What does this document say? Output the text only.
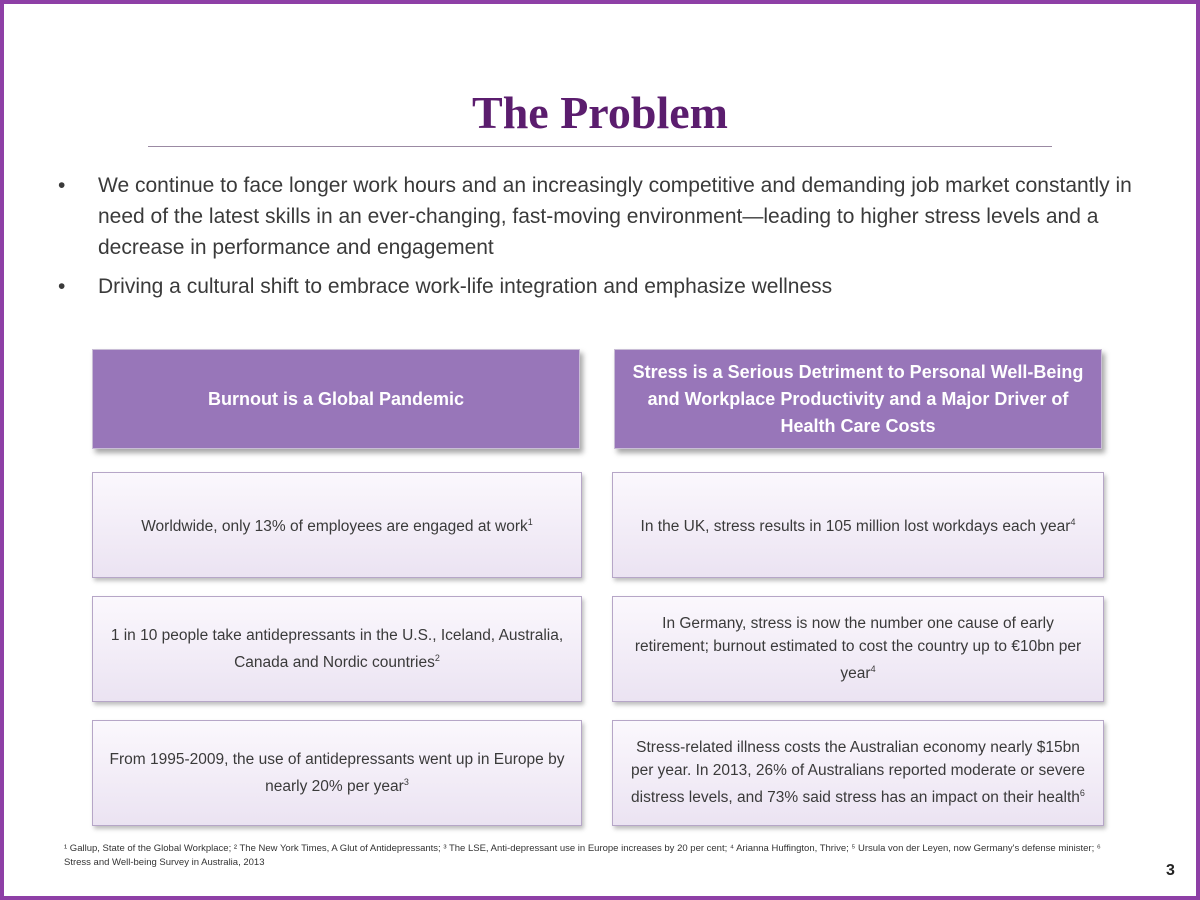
The Problem
• We continue to face longer work hours and an increasingly competitive and demanding job market constantly in need of the latest skills in an ever-changing, fast-moving environment—leading to higher stress levels and a decrease in performance and engagement
• Driving a cultural shift to embrace work-life integration and emphasize wellness
Burnout is a Global Pandemic
Worldwide, only 13% of employees are engaged at work$^1$
1 in 10 people take antidepressants in the U.S., Iceland, Australia, Canada and Nordic countries$^2$
From 1995-2009, the use of antidepressants went up in Europe by nearly 20% per year$^3$
Stress is a Serious Detriment to Personal Well-Being and Workplace Productivity and a Major Driver of Health Care Costs
In the UK, stress results in 105 million lost workdays each year$^4$
In Germany, stress is now the number one cause of early retirement; burnout estimated to cost the country up to €10bn per year$^4$
Stress-related illness costs the Australian economy nearly $15bn per year. In 2013, 26% of Australians reported moderate or severe distress levels, and 73% said stress has an impact on their health$^6$
¹ Gallup, State of the Global Workplace; ² The New York Times, A Glut of Antidepressants; ³ The LSE, Anti-depressant use in Europe increases by 20 per cent; ⁴ Arianna Huffington, Thrive; ⁵ Ursula von der Leyen, now Germany's defense minister; ⁶ Stress and Well-being Survey in Australia, 2013	3
